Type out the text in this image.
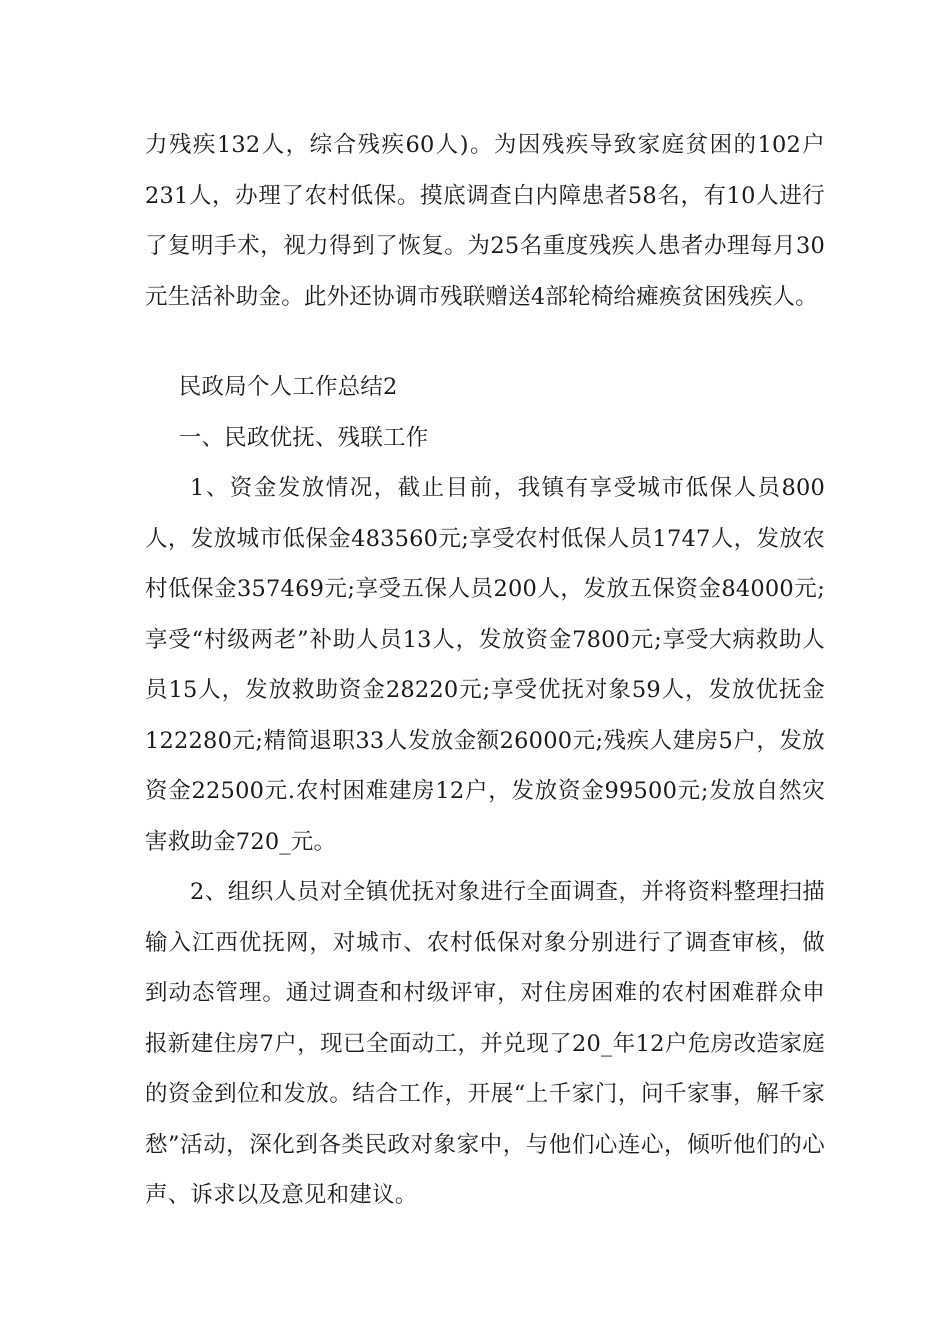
力残疾132人，综合残疾60人)。为因残疾导致家庭贫困的102户231人，办理了农村低保。摸底调查白内障患者58名，有10人进行了复明手术，视力得到了恢复。为25名重度残疾人患者办理每月30元生活补助金。此外还协调市残联赠送4部轮椅给瘫痪贫困残疾人。

民政局个人工作总结2

一、民政优抚、残联工作

1、资金发放情况，截止目前，我镇有享受城市低保人员800人，发放城市低保金483560元;享受农村低保人员1747人，发放农村低保金357469元;享受五保人员200人，发放五保资金84000元;享受“村级两老”补助人员13人，发放资金7800元;享受大病救助人员15人，发放救助资金28220元;享受优抚对象59人，发放优抚金122280元;精简退职33人发放金额26000元;残疾人建房5户，发放资金22500元.农村困难建房12户，发放资金99500元;发放自然灾害救助金720_元。

2、组织人员对全镇优抚对象进行全面调查，并将资料整理扫描输入江西优抚网，对城市、农村低保对象分别进行了调查审核，做到动态管理。通过调查和村级评审，对住房困难的农村困难群众申报新建住房7户，现已全面动工，并兑现了20_年12户危房改造家庭的资金到位和发放。结合工作，开展“上千家门，问千家事，解千家愁”活动，深化到各类民政对象家中，与他们心连心，倾听他们的心声、诉求以及意见和建议。
